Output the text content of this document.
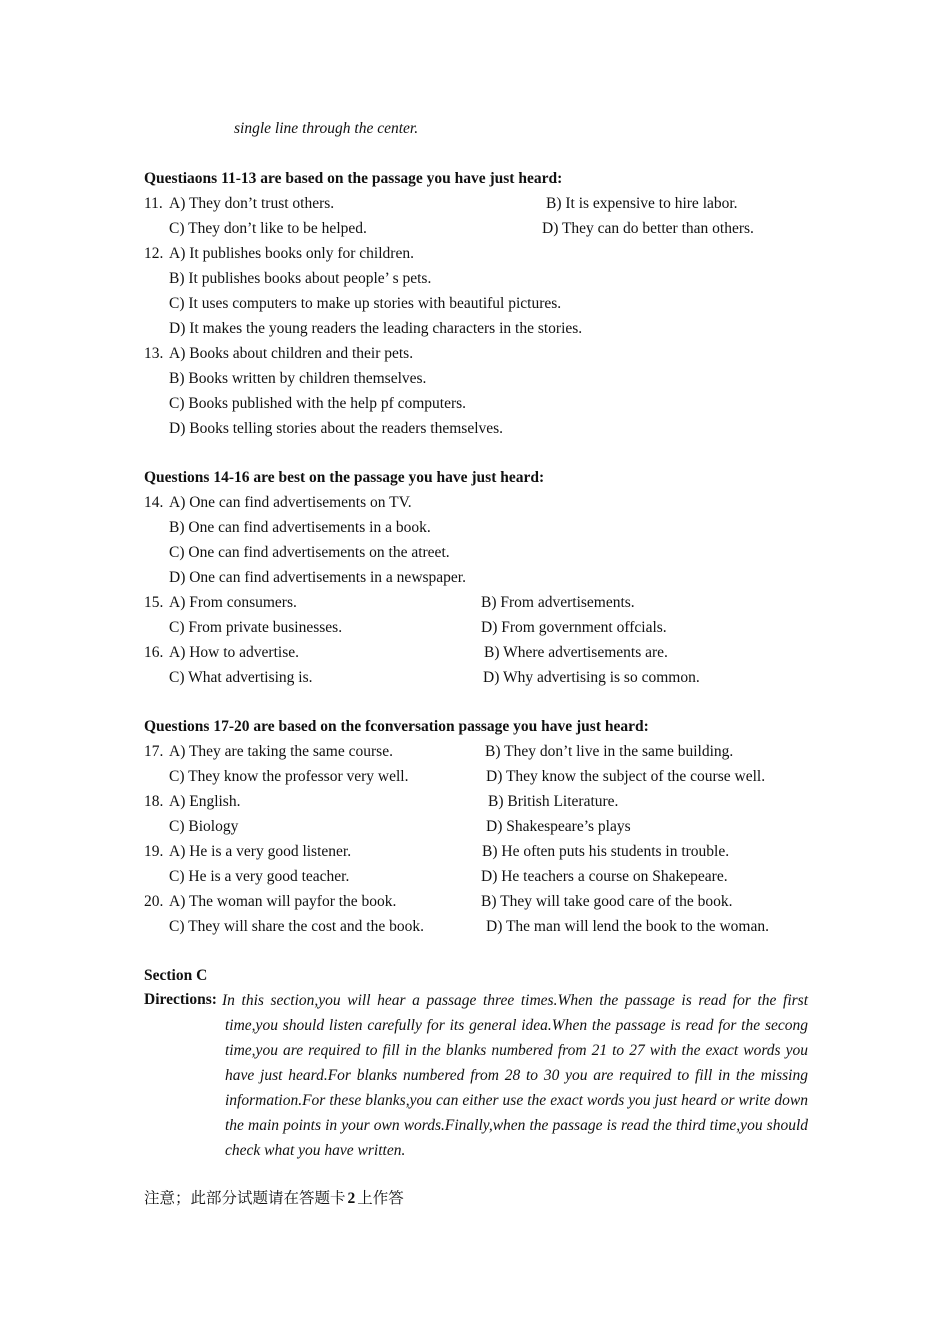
single line through the center.
Questiaons 11-13 are based on the passage you have just heard:
11. A) They don’t trust others.	B) It is expensive to hire labor.
C) They don’t like to be helped.	D) They can do better than others.
12. A) It publishes books only for children.
B) It publishes books about people’ s pets.
C) It uses computers to make up stories with beautiful pictures.
D) It makes the young readers the leading characters in the stories.
13. A) Books about children and their pets.
B) Books written by children themselves.
C) Books published with the help pf computers.
D) Books telling stories about the readers themselves.
Questions 14-16 are best on the passage you have just heard:
14. A) One can find advertisements on TV.
B) One can find advertisements in a book.
C) One can find advertisements on the atreet.
D) One can find advertisements in a newspaper.
15. A) From consumers.	B) From advertisements.
C) From private businesses.	D) From government offcials.
16. A) How to advertise.	B) Where advertisements are.
C) What advertising is.	D) Why advertising is so common.
Questions 17-20 are based on the fconversation passage you have just heard:
17. A) They are taking the same course.	B) They don’t live in the same building.
C) They know the professor very well.	D) They know the subject of the course well.
18. A) English.	B) British Literature.
C) Biology	D) Shakespeare’s plays
19. A) He is a very good listener.	B) He often puts his students in trouble.
C) He is a very good teacher.	D) He teachers a course on Shakepeare.
20. A) The woman will payfor the book.	B) They will take good care of the book.
C) They will share the cost and the book.	D) The man will lend the book to the woman.
Section C
Directions: In this section,you will hear a passage three times.When the passage is read for the first time,you should listen carefully for its general idea.When the passage is read for the secong time,you are required to fill in the blanks numbered from 21 to 27 with the exact words you have just heard.For blanks numbered from 28 to 30 you are required to fill in the missing information.For these blanks,you can either use the exact words you just heard or write down the main points in your own words.Finally,when the passage is read the third time,you should check what you have written.
注意；此部分试题请在答题卡 2 上作答
